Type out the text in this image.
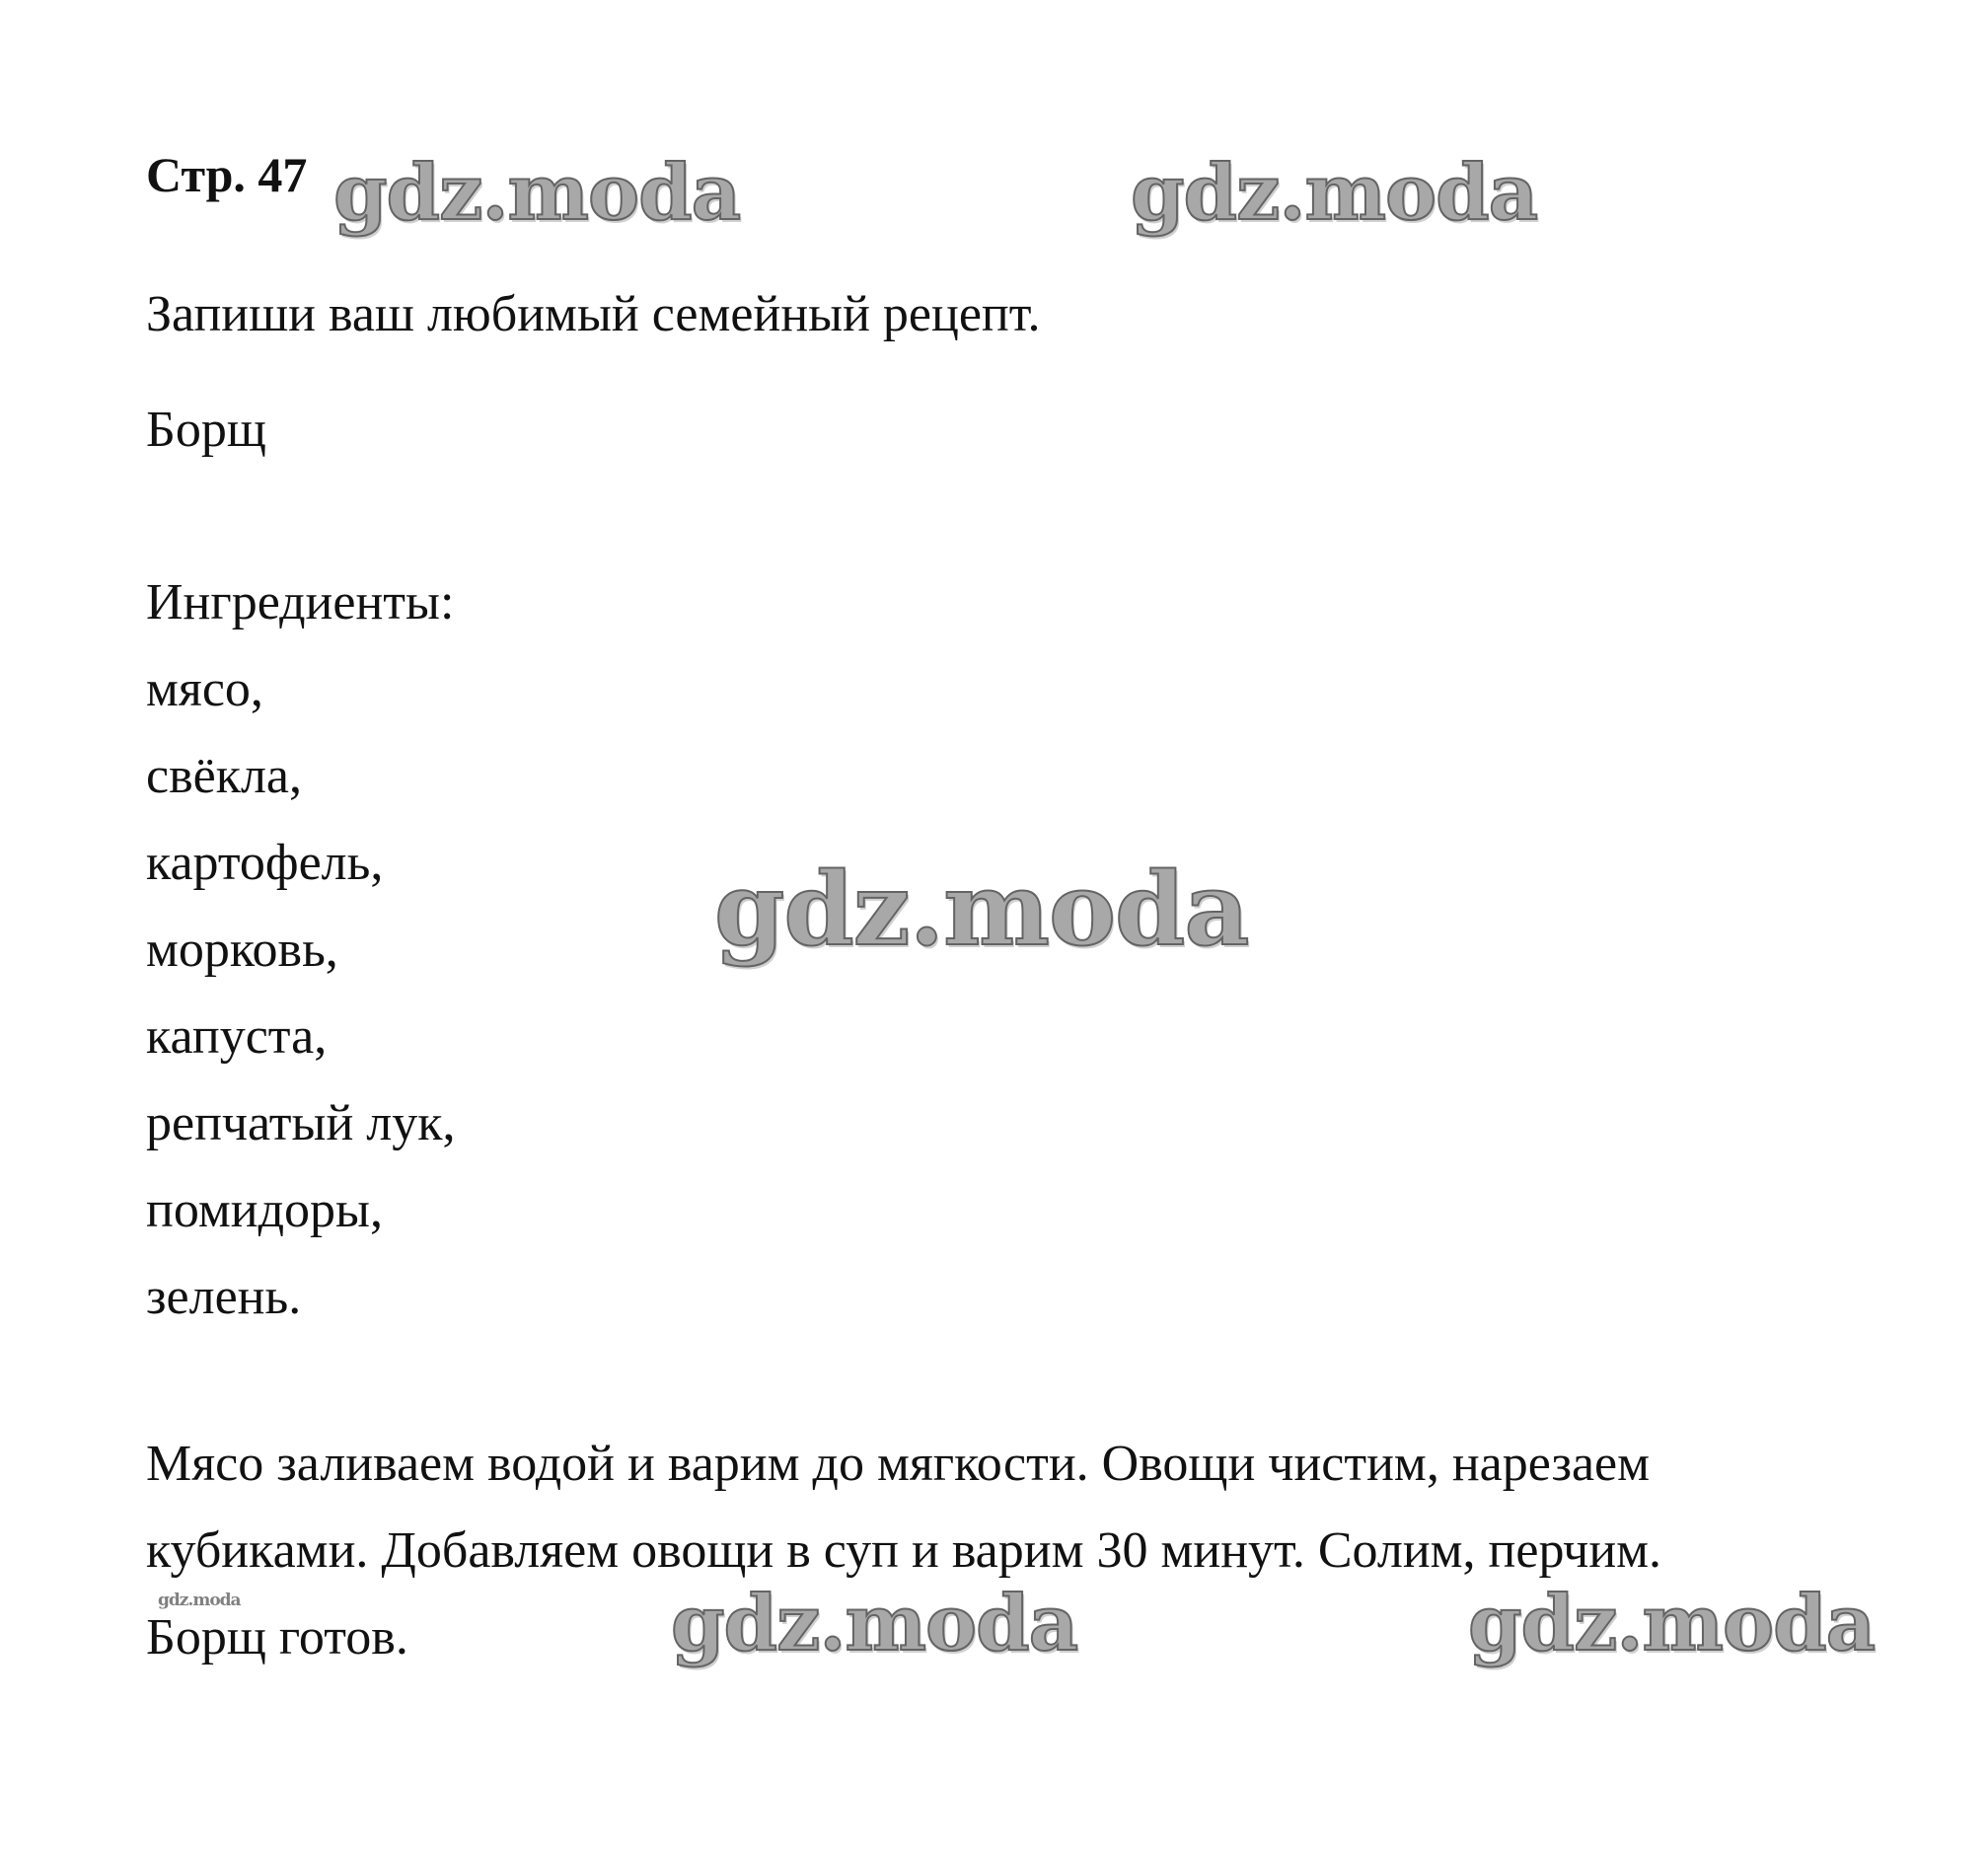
Стр. 47
Запиши ваш любимый семейный рецепт.
Борщ
Ингредиенты:
мясо,
свёкла,
картофель,
морковь,
капуста,
репчатый лук,
помидоры,
зелень.
Мясо заливаем водой и варим до мягкости. Овощи чистим, нарезаем
кубиками. Добавляем овощи в суп и варим 30 минут. Солим, перчим.
Борщ готов.
gdz.moda	gdz.moda
gdz.moda
gdz.moda	gdz.moda
gdz.moda
